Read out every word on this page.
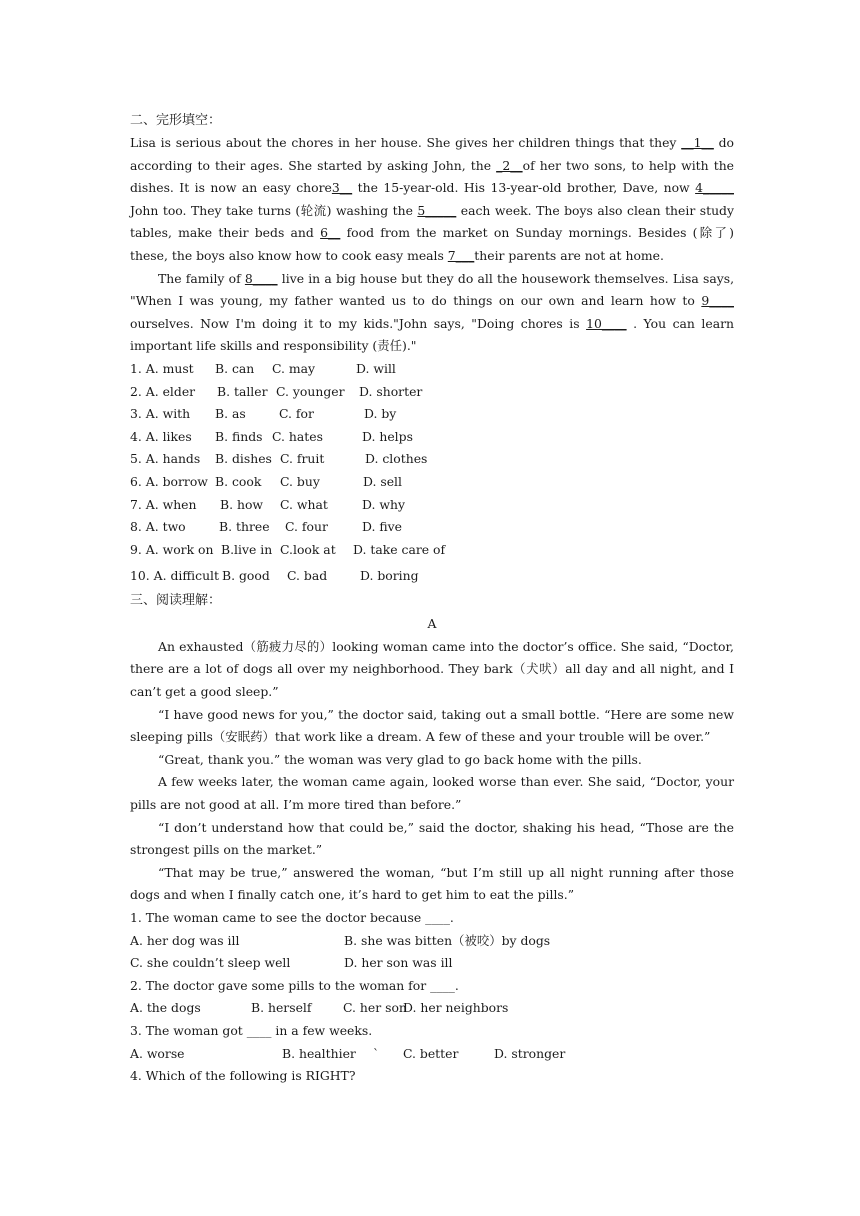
二、完形填空：
Lisa is serious about the chores in her house. She gives her children things that they __1__ do according to their ages. She started by asking John, the _2__of her two sons, to help with the dishes. It is now an easy chore3__ the 15-year-old. His 13-year-old brother, Dave, now 4_____ John too. They take turns (轮流) washing the 5_____ each week. The boys also clean their study tables, make their beds and 6__ food from the market on Sunday mornings. Besides (除了) these, the boys also know how to cook easy meals 7___their parents are not at home.
The family of 8____ live in a big house but they do all the housework themselves. Lisa says, "When I was young, my father wanted us to do things on our own and learn how to 9____ ourselves. Now I'm doing it to my kids."John says, "Doing chores is 10____ . You can learn important life skills and responsibility (责任)."
1. A. must	B. can	C. may	D. will
2. A. elder	B. taller C. younger	D. shorter
3. A. with	B. as	C. for	D. by
4. A. likes	B. finds C. hates	D. helps
5. A. hands	B. dishes C. fruit	D. clothes
6. A. borrow B. cook	C. buy	D. sell
7. A. when	B. how	C. what	D. why
8. A. two	B. three	C. four	D. five
9. A. work on B.live in C.look at	D. take care of
10. A. difficult B. good	C. bad	D. boring
三、阅读理解：
A
An exhausted（筋疲力尽的）looking woman came into the doctor’s office. She said, “Doctor, there are a lot of dogs all over my neighborhood. They bark（犬吠）all day and all night, and I can’t get a good sleep.”
“I have good news for you,” the doctor said, taking out a small bottle. “Here are some new sleeping pills（安眠药）that work like a dream. A few of these and your trouble will be over.”
“Great, thank you.” the woman was very glad to go back home with the pills.
A few weeks later, the woman came again, looked worse than ever. She said, “Doctor, your pills are not good at all. I’m more tired than before.”
“I don’t understand how that could be,” said the doctor, shaking his head, “Those are the strongest pills on the market.”
“That may be true,” answered the woman, “but I’m still up all night running after those dogs and when I finally catch one, it’s hard to get him to eat the pills.”
1. The woman came to see the doctor because ____.
A. her dog was ill	B. she was bitten（被咬）by dogs
C. she couldn’t sleep well	D. her son was ill
2. The doctor gave some pills to the woman for ____.
A. the dogs	B. herself	C. her son
D. her neighbors
3. The woman got ____ in a few weeks.
A. worse	B. healthier	`	C. better	D. stronger
4. Which of the following is RIGHT?
